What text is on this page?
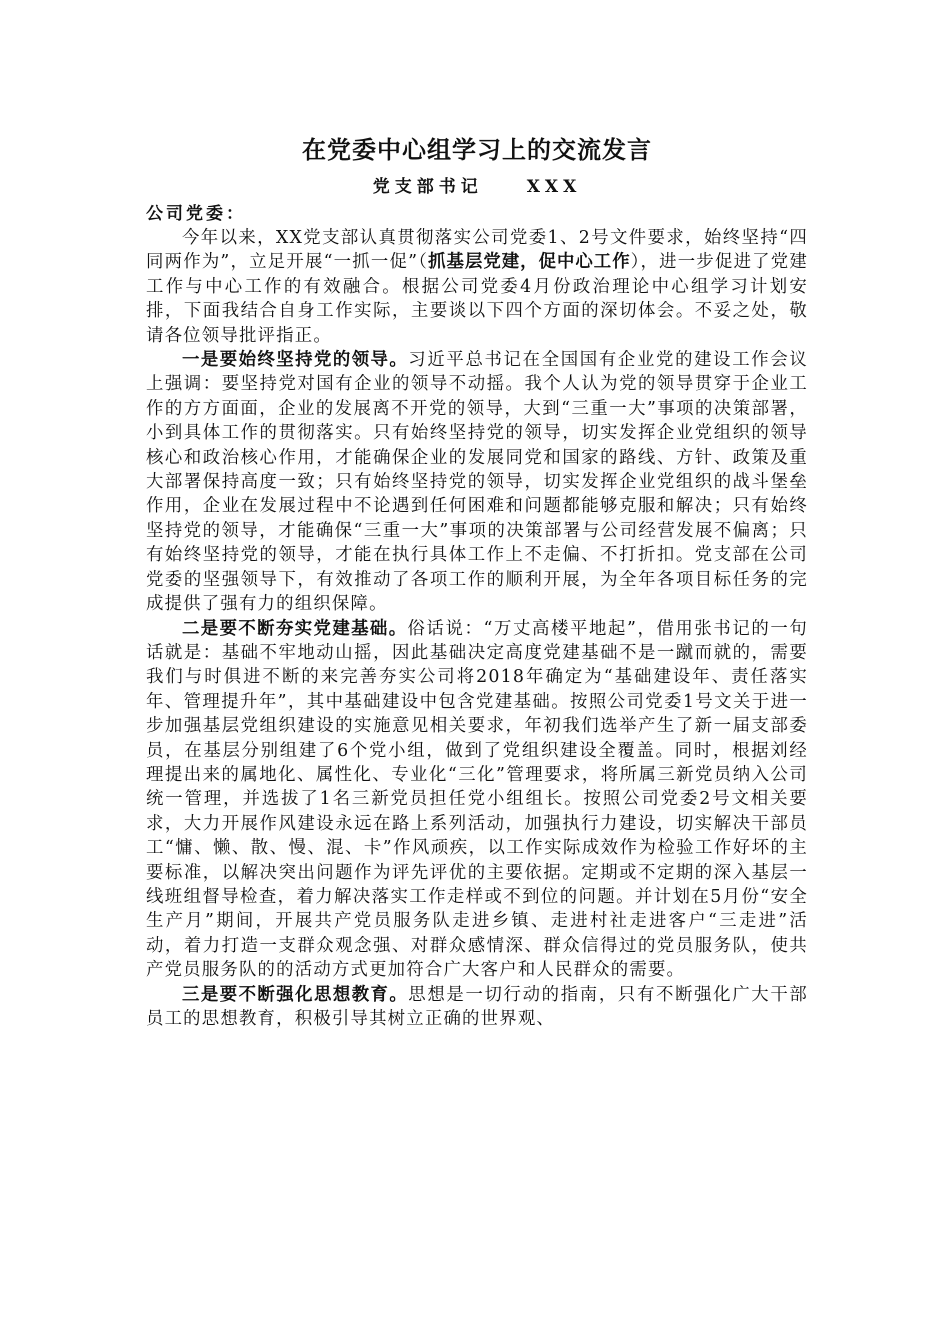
在党委中心组学习上的交流发言

党支部书记	XXX

公司党委：

今年以来，XX党支部认真贯彻落实公司党委1、2号文件要求，始终坚持“四同两作为”，立足开展“一抓一促”（抓基层党建，促中心工作），进一步促进了党建工作与中心工作的有效融合。根据公司党委4月份政治理论中心组学习计划安排，下面我结合自身工作实际，主要谈以下四个方面的深切体会。不妥之处，敬请各位领导批评指正。

一是要始终坚持党的领导。习近平总书记在全国国有企业党的建设工作会议上强调：要坚持党对国有企业的领导不动摇。我个人认为党的领导贯穿于企业工作的方方面面，企业的发展离不开党的领导，大到“三重一大”事项的决策部署，小到具体工作的贯彻落实。只有始终坚持党的领导，切实发挥企业党组织的领导核心和政治核心作用，才能确保企业的发展同党和国家的路线、方针、政策及重大部署保持高度一致；只有始终坚持党的领导，切实发挥企业党组织的战斗堡垒作用，企业在发展过程中不论遇到任何困难和问题都能够克服和解决；只有始终坚持党的领导，才能确保“三重一大”事项的决策部署与公司经营发展不偏离；只有始终坚持党的领导，才能在执行具体工作上不走偏、不打折扣。党支部在公司党委的坚强领导下，有效推动了各项工作的顺利开展，为全年各项目标任务的完成提供了强有力的组织保障。

二是要不断夯实党建基础。俗话说：“万丈高楼平地起”，借用张书记的一句话就是：基础不牢地动山摇，因此基础决定高度党建基础不是一蹴而就的，需要我们与时俱进不断的来完善夯实公司将2018年确定为“基础建设年、责任落实年、管理提升年”，其中基础建设中包含党建基础。按照公司党委1号文关于进一步加强基层党组织建设的实施意见相关要求，年初我们选举产生了新一届支部委员，在基层分别组建了6个党小组，做到了党组织建设全覆盖。同时，根据刘经理提出来的属地化、属性化、专业化“三化”管理要求，将所属三新党员纳入公司统一管理，并选拔了1名三新党员担任党小组组长。按照公司党委2号文相关要求，大力开展作风建设永远在路上系列活动，加强执行力建设，切实解决干部员工“慵、懒、散、慢、混、卡”作风顽疾，以工作实际成效作为检验工作好坏的主要标准，以解决突出问题作为评先评优的主要依据。定期或不定期的深入基层一线班组督导检查，着力解决落实工作走样或不到位的问题。并计划在5月份“安全生产月”期间，开展共产党员服务队走进乡镇、走进村社走进客户“三走进”活动，着力打造一支群众观念强、对群众感情深、群众信得过的党员服务队，使共产党员服务队的的活动方式更加符合广大客户和人民群众的需要。

三是要不断强化思想教育。思想是一切行动的指南，只有不断强化广大干部员工的思想教育，积极引导其树立正确的世界观、
